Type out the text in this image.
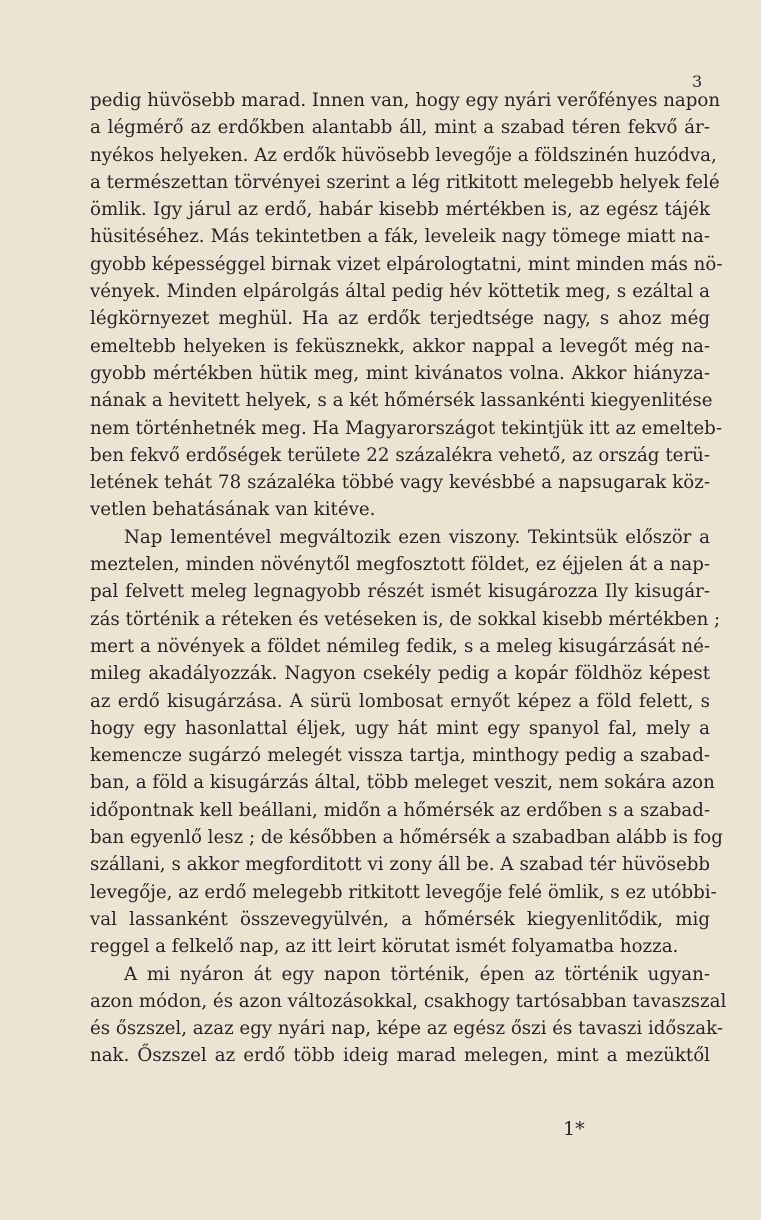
3
pedig hüvösebb marad. Innen van, hogy egy nyári verőfényes napon
a légmérő az erdőkben alantabb áll, mint a szabad téren fekvő ár-
nyékos helyeken. Az erdők hüvösebb levegője a földszinén huzódva,
a természettan törvényei szerint a lég ritkitott melegebb helyek felé
ömlik. Igy járul az erdő, habár kisebb mértékben is, az egész tájék
hüsitéséhez. Más tekintetben a fák, leveleik nagy tömege miatt na-
gyobb képességgel birnak vizet elpárologtatni, mint minden más nö-
vények. Minden elpárolgás által pedig hév köttetik meg, s ezáltal a
légkörnyezet meghül. Ha az erdők terjedtsége nagy, s ahoz még
emeltebb helyeken is feküsznekk, akkor nappal a levegőt még na-
gyobb mértékben hütik meg, mint kivánatos volna. Akkor hiányza-
nának a hevitett helyek, s a két hőmérsék lassankénti kiegyenlitése
nem történhetnék meg. Ha Magyarországot tekintjük itt az emelteb-
ben fekvő erdőségek területe 22 százalékra vehető, az ország terü-
letének tehát 78 százaléka többé vagy kevésbbé a napsugarak köz-
vetlen behatásának van kitéve.
Nap lementével megváltozik ezen viszony. Tekintsük először a
meztelen, minden növénytől megfosztott földet, ez éjjelen át a nap-
pal felvett meleg legnagyobb részét ismét kisugározza Ily kisugár-
zás történik a réteken és vetéseken is, de sokkal kisebb mértékben ;
mert a növények a földet némileg fedik, s a meleg kisugárzását né-
mileg akadályozzák. Nagyon csekély pedig a kopár földhöz képest
az erdő kisugárzása. A sürü lombosat ernyőt képez a föld felett, s
hogy egy hasonlattal éljek, ugy hát mint egy spanyol fal, mely a
kemencze sugárzó melegét vissza tartja, minthogy pedig a szabad-
ban, a föld a kisugárzás által, több meleget veszit, nem sokára azon
időpontnak kell beállani, midőn a hőmérsék az erdőben s a szabad-
ban egyenlő lesz ; de későbben a hőmérsék a szabadban alább is fog
szállani, s akkor megforditott vi zony áll be. A szabad tér hüvösebb
levegője, az erdő melegebb ritkitott levegője felé ömlik, s ez utóbbi-
val lassanként összevegyülvén, a hőmérsék kiegyenlitődik, mig
reggel a felkelő nap, az itt leirt körutat ismét folyamatba hozza.
A mi nyáron át egy napon történik, épen az történik ugyan-
azon módon, és azon változásokkal, csakhogy tartósabban tavaszszal
és őszszel, azaz egy nyári nap, képe az egész őszi és tavaszi időszak-
nak. Őszszel az erdő több ideig marad melegen, mint a mezüktől
1*
